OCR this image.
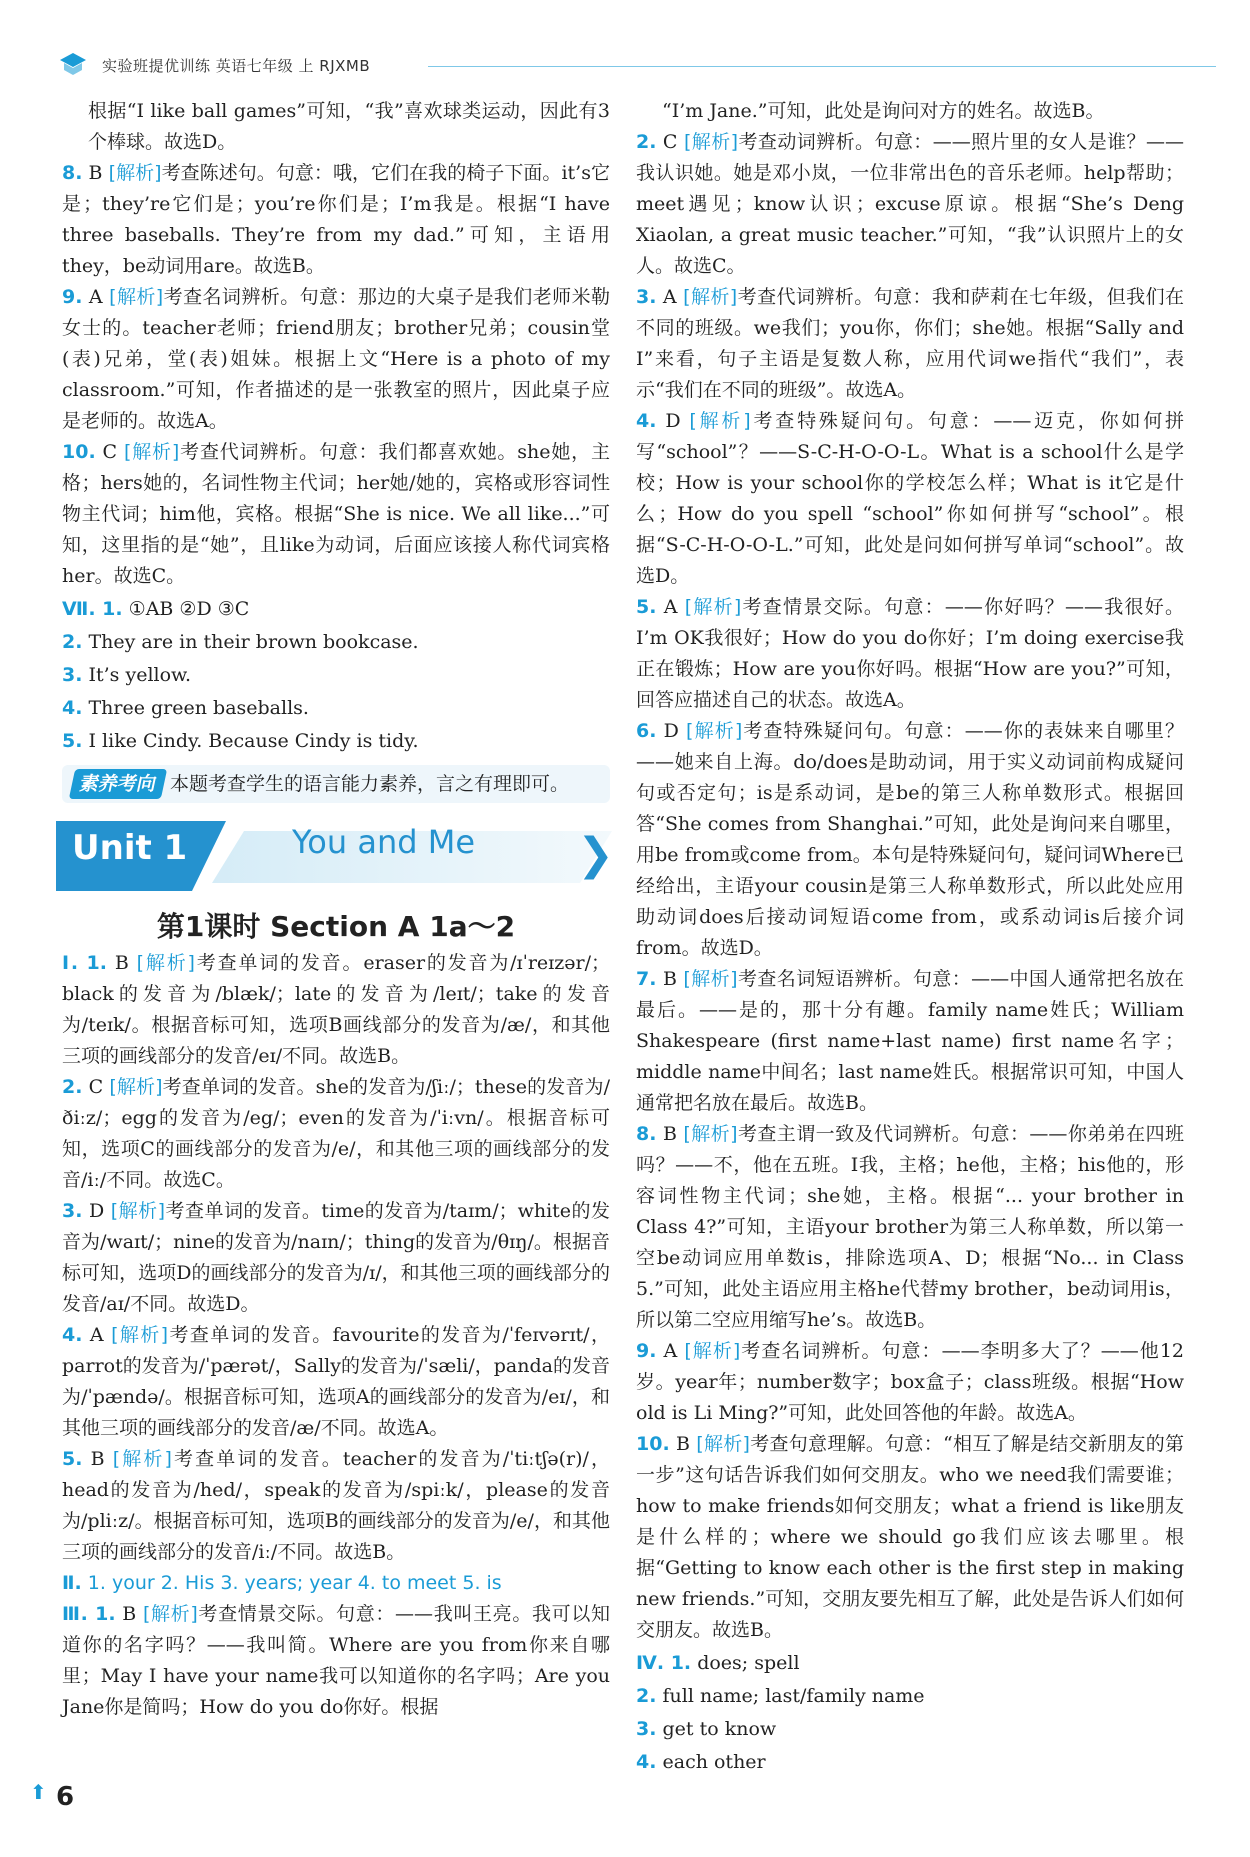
实验班提优训练 英语七年级 上 RJXMB

根据“I like ball games”可知，“我”喜欢球类运动，因此有3个棒球。故选D。

8. B [解析]考查陈述句。句意：哦，它们在我的椅子下面。it’s它是；they’re它们是；you’re你们是；I’m我是。根据“I have three baseballs. They’re from my dad.”可知，主语用they，be动词用are。故选B。

9. A [解析]考查名词辨析。句意：那边的大桌子是我们老师米勒女士的。teacher老师；friend朋友；brother兄弟；cousin堂(表)兄弟，堂(表)姐妹。根据上文“Here is a photo of my classroom.”可知，作者描述的是一张教室的照片，因此桌子应是老师的。故选A。

10. C [解析]考查代词辨析。句意：我们都喜欢她。she她，主格；hers她的，名词性物主代词；her她/她的，宾格或形容词性物主代词；him他，宾格。根据“She is nice. We all like...”可知，这里指的是“她”，且like为动词，后面应该接人称代词宾格her。故选C。

Ⅶ. 1. ①AB ②D ③C

2. They are in their brown bookcase.

3. It’s yellow.

4. Three green baseballs.

5. I like Cindy. Because Cindy is tidy.

素养考向 本题考查学生的语言能力素养，言之有理即可。
Unit 1	You and Me ❯
第1课时 Section A 1a～2

Ⅰ. 1. B [解析]考查单词的发音。eraser的发音为/ɪˈreɪzər/；black的发音为/blæk/；late的发音为/leɪt/；take的发音为/teɪk/。根据音标可知，选项B画线部分的发音为/æ/，和其他三项的画线部分的发音/eɪ/不同。故选B。

2. C [解析]考查单词的发音。she的发音为/ʃiː/；these的发音为/ðiːz/；egg的发音为/eg/；even的发音为/ˈiːvn/。根据音标可知，选项C的画线部分的发音为/e/，和其他三项的画线部分的发音/iː/不同。故选C。

3. D [解析]考查单词的发音。time的发音为/taɪm/；white的发音为/waɪt/；nine的发音为/naɪn/；thing的发音为/θɪŋ/。根据音标可知，选项D的画线部分的发音为/ɪ/，和其他三项的画线部分的发音/aɪ/不同。故选D。

4. A [解析]考查单词的发音。favourite的发音为/ˈfeɪvərɪt/，parrot的发音为/ˈpærət/，Sally的发音为/ˈsæli/，panda的发音为/ˈpændə/。根据音标可知，选项A的画线部分的发音为/eɪ/，和其他三项的画线部分的发音/æ/不同。故选A。

5. B [解析]考查单词的发音。teacher的发音为/ˈtiːtʃə(r)/，head的发音为/hed/，speak的发音为/spiːk/，please的发音为/pliːz/。根据音标可知，选项B的画线部分的发音为/e/，和其他三项的画线部分的发音/iː/不同。故选B。

Ⅱ. 1. your 2. His 3. years; year 4. to meet 5. is

Ⅲ. 1. B [解析]考查情景交际。句意：——我叫王亮。我可以知道你的名字吗？——我叫简。Where are you from你来自哪里；May I have your name我可以知道你的名字吗；Are you Jane你是简吗；How do you do你好。根据

“I’m Jane.”可知，此处是询问对方的姓名。故选B。

2. C [解析]考查动词辨析。句意：——照片里的女人是谁？——我认识她。她是邓小岚，一位非常出色的音乐老师。help帮助；meet遇见；know认识；excuse原谅。根据“She’s Deng Xiaolan, a great music teacher.”可知，“我”认识照片上的女人。故选C。

3. A [解析]考查代词辨析。句意：我和萨莉在七年级，但我们在不同的班级。we我们；you你，你们；she她。根据“Sally and I”来看，句子主语是复数人称，应用代词we指代“我们”，表示“我们在不同的班级”。故选A。

4. D [解析]考查特殊疑问句。句意：——迈克，你如何拼写“school”？——S-C-H-O-O-L。What is a school什么是学校；How is your school你的学校怎么样；What is it它是什么；How do you spell “school”你如何拼写“school”。根据“S-C-H-O-O-L.”可知，此处是问如何拼写单词“school”。故选D。

5. A [解析]考查情景交际。句意：——你好吗？——我很好。I’m OK我很好；How do you do你好；I’m doing exercise我正在锻炼；How are you你好吗。根据“How are you?”可知，回答应描述自己的状态。故选A。

6. D [解析]考查特殊疑问句。句意：——你的表妹来自哪里？——她来自上海。do/does是助动词，用于实义动词前构成疑问句或否定句；is是系动词，是be的第三人称单数形式。根据回答“She comes from Shanghai.”可知，此处是询问来自哪里，用be from或come from。本句是特殊疑问句，疑问词Where已经给出，主语your cousin是第三人称单数形式，所以此处应用助动词does后接动词短语come from，或系动词is后接介词from。故选D。

7. B [解析]考查名词短语辨析。句意：——中国人通常把名放在最后。——是的，那十分有趣。family name姓氏；William Shakespeare (first name+last name) first name名字；middle name中间名；last name姓氏。根据常识可知，中国人通常把名放在最后。故选B。

8. B [解析]考查主谓一致及代词辨析。句意：——你弟弟在四班吗？——不，他在五班。I我，主格；he他，主格；his他的，形容词性物主代词；she她，主格。根据“... your brother in Class 4?”可知，主语your brother为第三人称单数，所以第一空be动词应用单数is，排除选项A、D；根据“No... in Class 5.”可知，此处主语应用主格he代替my brother，be动词用is，所以第二空应用缩写he’s。故选B。

9. A [解析]考查名词辨析。句意：——李明多大了？——他12岁。year年；number数字；box盒子；class班级。根据“How old is Li Ming?”可知，此处回答他的年龄。故选A。

10. B [解析]考查句意理解。句意：“相互了解是结交新朋友的第一步”这句话告诉我们如何交朋友。who we need我们需要谁；how to make friends如何交朋友；what a friend is like朋友是什么样的；where we should go我们应该去哪里。根据“Getting to know each other is the first step in making new friends.”可知，交朋友要先相互了解，此处是告诉人们如何交朋友。故选B。

Ⅳ. 1. does; spell

2. full name; last/family name

3. get to know

4. each other

⬆ 6
